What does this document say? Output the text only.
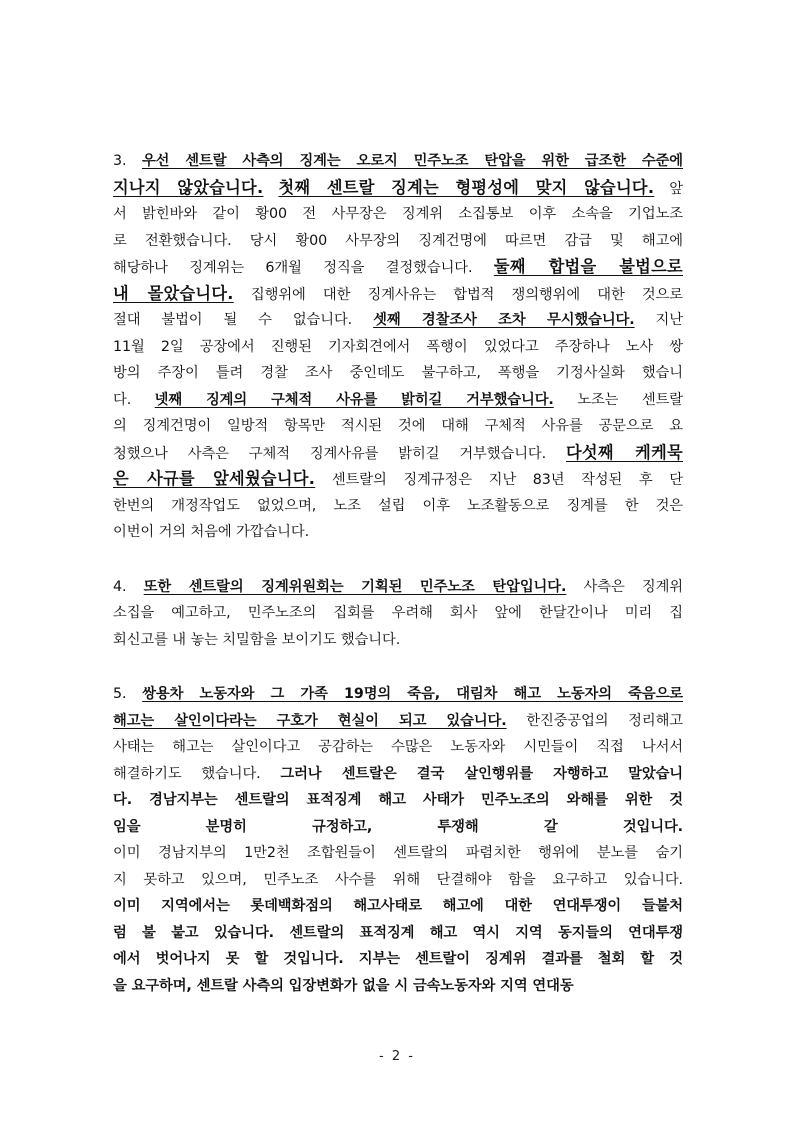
3. 우선 센트랄 사측의 징계는 오로지 민주노조 탄압을 위한 급조한 수준에
지나지 않았습니다. 첫째 센트랄 징계는 형평성에 맞지 않습니다. 앞
서 밝힌바와 같이 황00 전 사무장은 징계위 소집통보 이후 소속을 기업노조
로 전환했습니다. 당시 황00 사무장의 징계건명에 따르면 감급 및 해고에
해당하나 징계위는 6개월 정직을 결정했습니다. 둘째 합법을 불법으로
내 몰았습니다. 집행위에 대한 징계사유는 합법적 쟁의행위에 대한 것으로
절대 불법이 될 수 없습니다. 셋째 경찰조사 조차 무시했습니다. 지난
11월 2일 공장에서 진행된 기자회견에서 폭행이 있었다고 주장하나 노사 쌍
방의 주장이 틀려 경찰 조사 중인데도 불구하고, 폭행을 기정사실화 했습니
다. 넷째 징계의 구체적 사유를 밝히길 거부했습니다. 노조는 센트랄
의 징계건명이 일방적 항목만 적시된 것에 대해 구체적 사유를 공문으로 요
청했으나 사측은 구체적 징계사유를 밝히길 거부했습니다. 다섯째 케케묵
은 사규를 앞세웠습니다. 센트랄의 징계규정은 지난 83년 작성된 후 단
한번의 개정작업도 없었으며, 노조 설립 이후 노조활동으로 징계를 한 것은
이번이 거의 처음에 가깝습니다.
4. 또한 센트랄의 징계위원회는 기획된 민주노조 탄압입니다. 사측은 징계위
소집을 예고하고, 민주노조의 집회를 우려해 회사 앞에 한달간이나 미리 집
회신고를 내 놓는 치밀함을 보이기도 했습니다.
5. 쌍용차 노동자와 그 가족 19명의 죽음, 대림차 해고 노동자의 죽음으로
해고는 살인이다라는 구호가 현실이 되고 있습니다. 한진중공업의 정리해고
사태는 해고는 살인이다고 공감하는 수많은 노동자와 시민들이 직접 나서서
해결하기도 했습니다. 그러나 센트랄은 결국 살인행위를 자행하고 말았습니
다. 경남지부는 센트랄의 표적징계 해고 사태가 민주노조의 와해를 위한 것
임을 분명히 규정하고, 투쟁해 갈 것입니다.
이미 경남지부의 1만2천 조합원들이 센트랄의 파렴치한 행위에 분노를 숨기
지 못하고 있으며, 민주노조 사수를 위해 단결해야 함을 요구하고 있습니다.
이미 지역에서는 롯데백화점의 해고사태로 해고에 대한 연대투쟁이 들불처
럼 불 붙고 있습니다. 센트랄의 표적징계 해고 역시 지역 동지들의 연대투쟁
에서 벗어나지 못 할 것입니다. 지부는 센트랄이 징계위 결과를 철회 할 것
을 요구하며, 센트랄 사측의 입장변화가 없을 시 금속노동자와 지역 연대동
- 2 -
